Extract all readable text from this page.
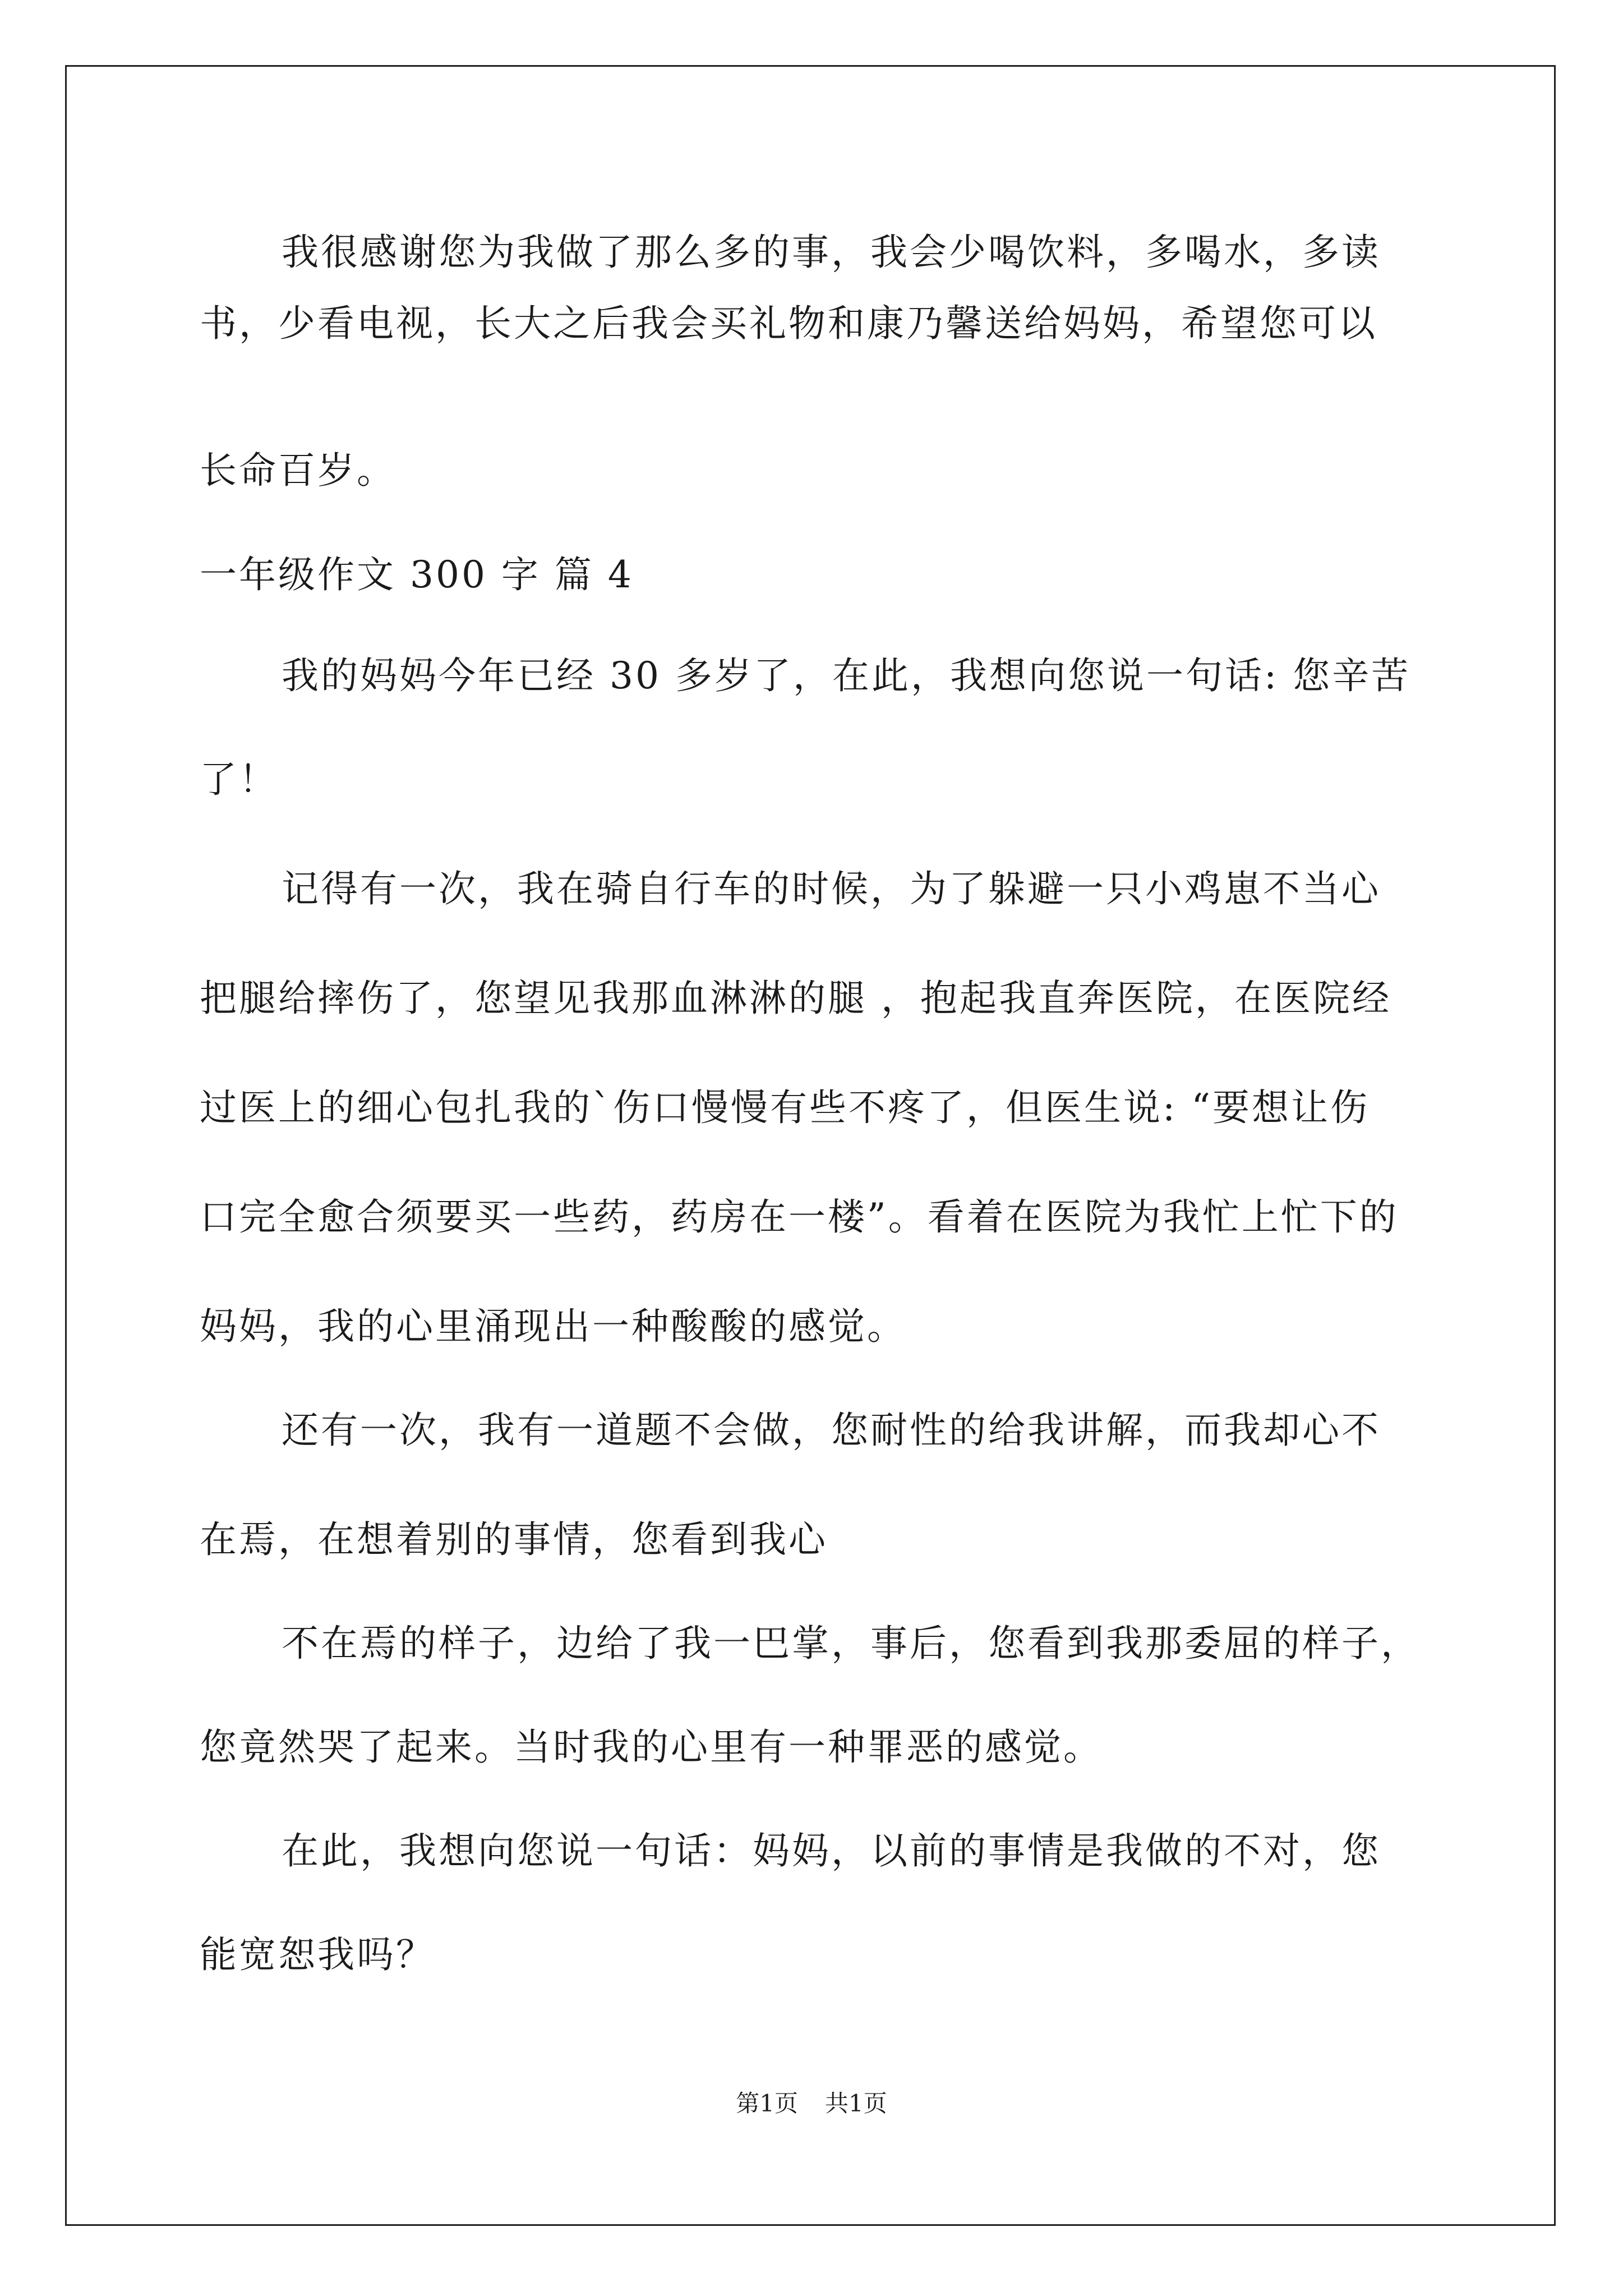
我很感谢您为我做了那么多的事，我会少喝饮料，多喝水，多读

书，少看电视，长大之后我会买礼物和康乃馨送给妈妈，希望您可以

长命百岁。

一年级作文 300 字 篇 4

我的妈妈今年已经 30 多岁了，在此，我想向您说一句话: 您辛苦

了！

记得有一次，我在骑自行车的时候，为了躲避一只小鸡崽不当心

把腿给摔伤了，您望见我那血淋淋的腿 ，抱起我直奔医院，在医院经

过医上的细心包扎我的`伤口慢慢有些不疼了，但医生说: “要想让伤

口完全愈合须要买一些药，药房在一楼”。看着在医院为我忙上忙下的

妈妈，我的心里涌现出一种酸酸的感觉。

还有一次，我有一道题不会做，您耐性的给我讲解，而我却心不

在焉，在想着别的事情，您看到我心

不在焉的样子，边给了我一巴掌，事后，您看到我那委屈的样子，

您竟然哭了起来。当时我的心里有一种罪恶的感觉。

在此，我想向您说一句话：妈妈，以前的事情是我做的不对，您

能宽恕我吗？

第1页 共1页
